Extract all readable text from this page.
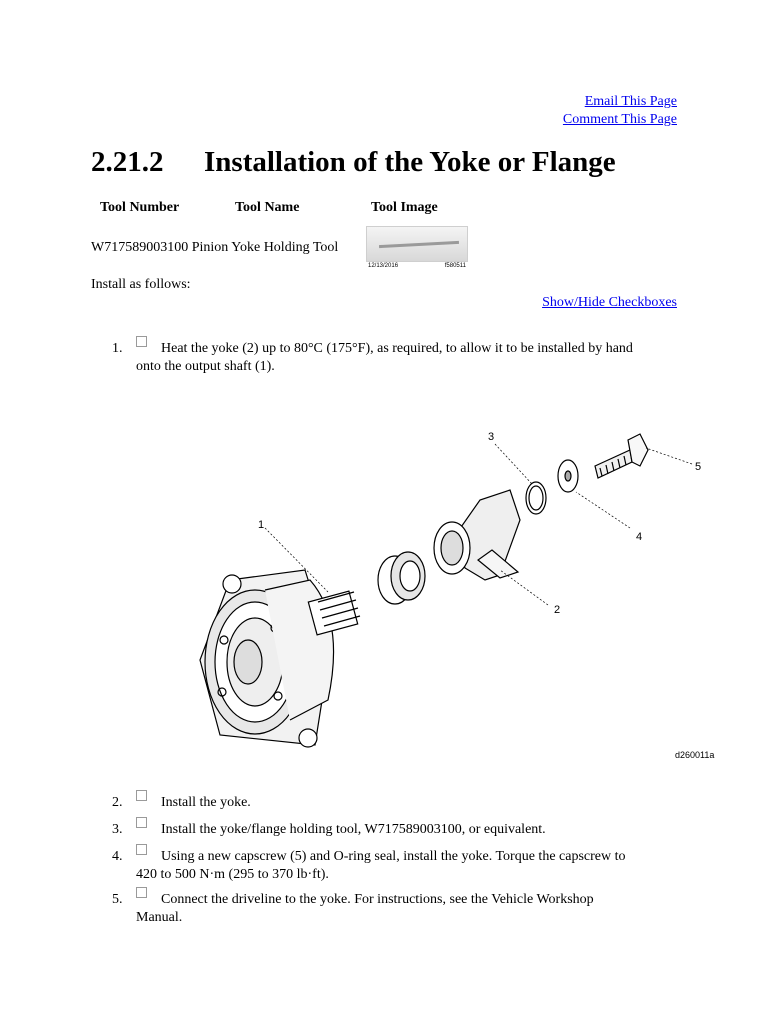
Email This Page
Comment This Page
2.21.2 Installation of the Yoke or Flange
Tool Number	Tool Name	Tool Image
W717589003100 Pinion Yoke Holding Tool
12/13/2016	f580511
Install as follows:
Show/Hide Checkboxes
1.	Heat the yoke (2) up to 80°C (175°F), as required, to allow it to be installed by hand
onto the output shaft (1).
1
2
3
4
5
d260011a
2.	Install the yoke.
3.	Install the yoke/flange holding tool, W717589003100, or equivalent.
4.	Using a new capscrew (5) and O-ring seal, install the yoke. Torque the capscrew to
420 to 500 N·m (295 to 370 lb·ft).
5.	Connect the driveline to the yoke. For instructions, see the Vehicle Workshop
Manual.
